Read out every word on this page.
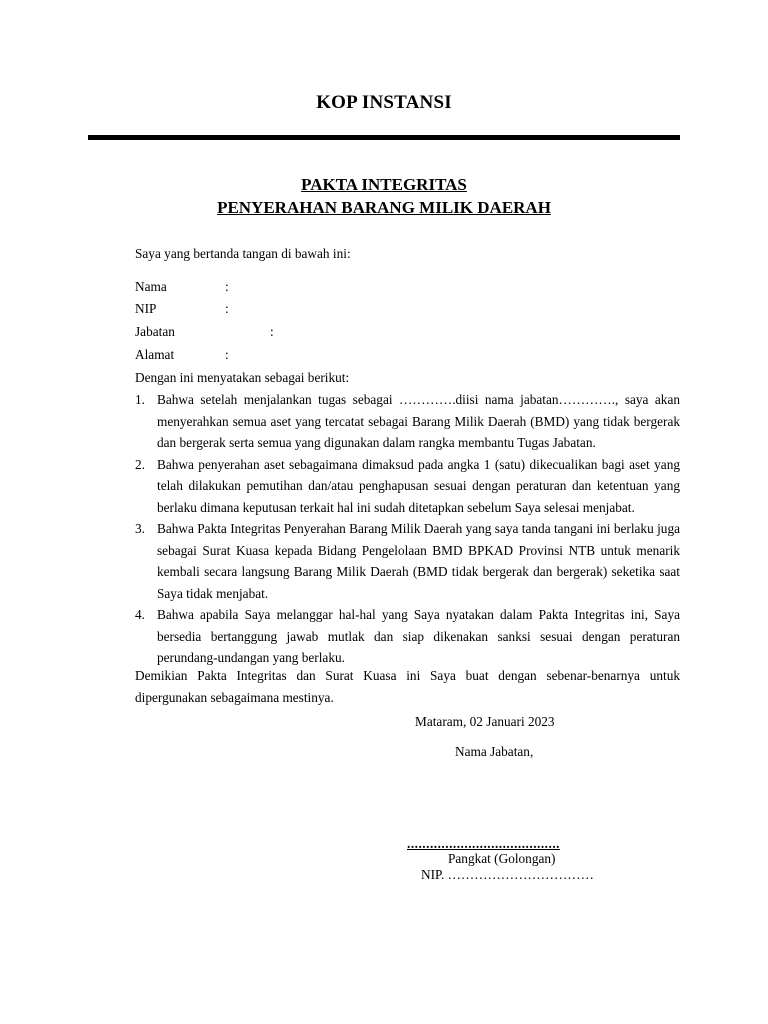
KOP INSTANSI
PAKTA INTEGRITAS
PENYERAHAN BARANG MILIK DAERAH
Saya yang bertanda tangan di bawah ini:
Nama	:
NIP	:
Jabatan	:
Alamat	:
Dengan ini menyatakan sebagai berikut:
1. Bahwa setelah menjalankan tugas sebagai ………….diisi nama jabatan…………., saya akan menyerahkan semua aset yang tercatat sebagai Barang Milik Daerah (BMD) yang tidak bergerak dan bergerak serta semua yang digunakan dalam rangka membantu Tugas Jabatan.
2. Bahwa penyerahan aset sebagaimana dimaksud pada angka 1 (satu) dikecualikan bagi aset yang telah dilakukan pemutihan dan/atau penghapusan sesuai dengan peraturan dan ketentuan yang berlaku dimana keputusan terkait hal ini sudah ditetapkan sebelum Saya selesai menjabat.
3. Bahwa Pakta Integritas Penyerahan Barang Milik Daerah yang saya tanda tangani ini berlaku juga sebagai Surat Kuasa kepada Bidang Pengelolaan BMD BPKAD Provinsi NTB untuk menarik kembali secara langsung Barang Milik Daerah (BMD tidak bergerak dan bergerak) seketika saat Saya tidak menjabat.
4. Bahwa apabila Saya melanggar hal-hal yang Saya nyatakan dalam Pakta Integritas ini, Saya bersedia bertanggung jawab mutlak dan siap dikenakan sanksi sesuai dengan peraturan perundang-undangan yang berlaku.
Demikian Pakta Integritas dan Surat Kuasa ini Saya buat dengan sebenar-benarnya untuk dipergunakan sebagaimana mestinya.
Mataram, 02 Januari 2023
Nama Jabatan,
........................................
Pangkat (Golongan)
NIP. ……………………………
